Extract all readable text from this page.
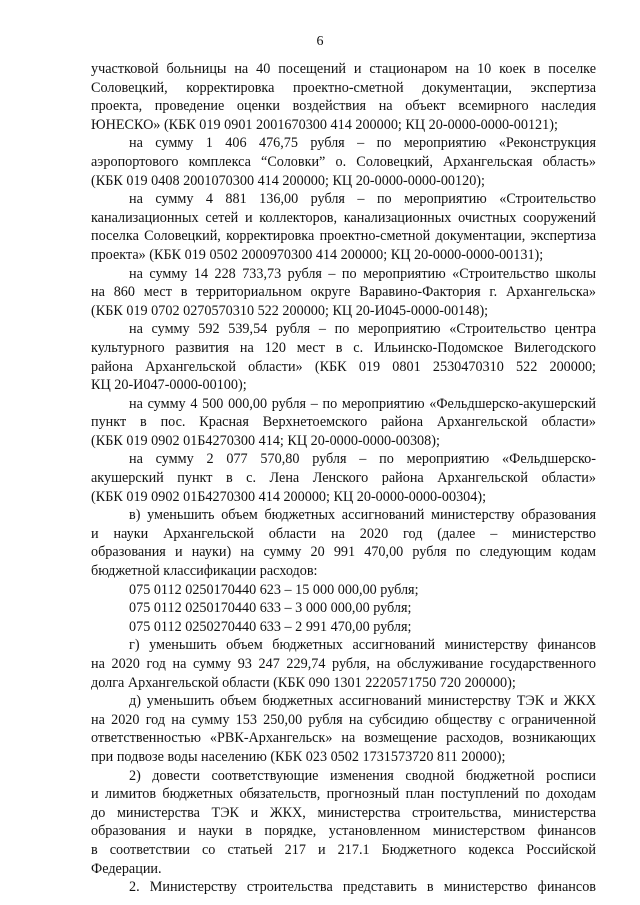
6
участковой больницы на 40 посещений и стационаром на 10 коек в поселке
Соловецкий, корректировка проектно-сметной документации, экспертиза
проекта, проведение оценки воздействия на объект всемирного наследия
ЮНЕСКО» (КБК 019 0901 2001670300 414 200000; КЦ 20-0000-0000-00121);
на сумму 1 406 476,75 рубля – по мероприятию «Реконструкция
аэропортового комплекса “Соловки” о. Соловецкий, Архангельская область»
(КБК 019 0408 2001070300 414 200000; КЦ 20-0000-0000-00120);
на сумму 4 881 136,00 рубля – по мероприятию «Строительство
канализационных сетей и коллекторов, канализационных очистных сооружений
поселка Соловецкий, корректировка проектно-сметной документации, экспертиза
проекта» (КБК 019 0502 2000970300 414 200000; КЦ 20-0000-0000-00131);
на сумму 14 228 733,73 рубля – по мероприятию «Строительство школы
на 860 мест в территориальном округе Варавино-Фактория г. Архангельска»
(КБК 019 0702 0270570310 522 200000; КЦ 20-И045-0000-00148);
на сумму 592 539,54 рубля – по мероприятию «Строительство центра
культурного развития на 120 мест в с. Ильинско-Подомское Вилегодского
района Архангельской области» (КБК 019 0801 2530470310 522 200000;
КЦ 20-И047-0000-00100);
на сумму 4 500 000,00 рубля – по мероприятию «Фельдшерско-акушерский
пункт в пос. Красная Верхнетоемского района Архангельской области»
(КБК 019 0902 01Б4270300 414; КЦ 20-0000-0000-00308);
на сумму 2 077 570,80 рубля – по мероприятию «Фельдшерско-
акушерский пункт в с. Лена Ленского района Архангельской области»
(КБК 019 0902 01Б4270300 414 200000; КЦ 20-0000-0000-00304);
в) уменьшить объем бюджетных ассигнований министерству образования
и науки Архангельской области на 2020 год (далее – министерство
образования и науки) на сумму 20 991 470,00 рубля по следующим кодам
бюджетной классификации расходов:
075 0112 0250170440 623 – 15 000 000,00 рубля;
075 0112 0250170440 633 – 3 000 000,00 рубля;
075 0112 0250270440 633 – 2 991 470,00 рубля;
г) уменьшить объем бюджетных ассигнований министерству финансов
на 2020 год на сумму 93 247 229,74 рубля, на обслуживание государственного
долга Архангельской области (КБК 090 1301 2220571750 720 200000);
д) уменьшить объем бюджетных ассигнований министерству ТЭК и ЖКХ
на 2020 год на сумму 153 250,00 рубля на субсидию обществу с ограниченной
ответственностью «РВК-Архангельск» на возмещение расходов, возникающих
при подвозе воды населению (КБК 023 0502 1731573720 811 20000);
2) довести соответствующие изменения сводной бюджетной росписи
и лимитов бюджетных обязательств, прогнозный план поступлений по доходам
до министерства ТЭК и ЖКХ, министерства строительства, министерства
образования и науки в порядке, установленном министерством финансов
в соответствии со статьей 217 и 217.1 Бюджетного кодекса Российской
Федерации.
2. Министерству строительства представить в министерство финансов
